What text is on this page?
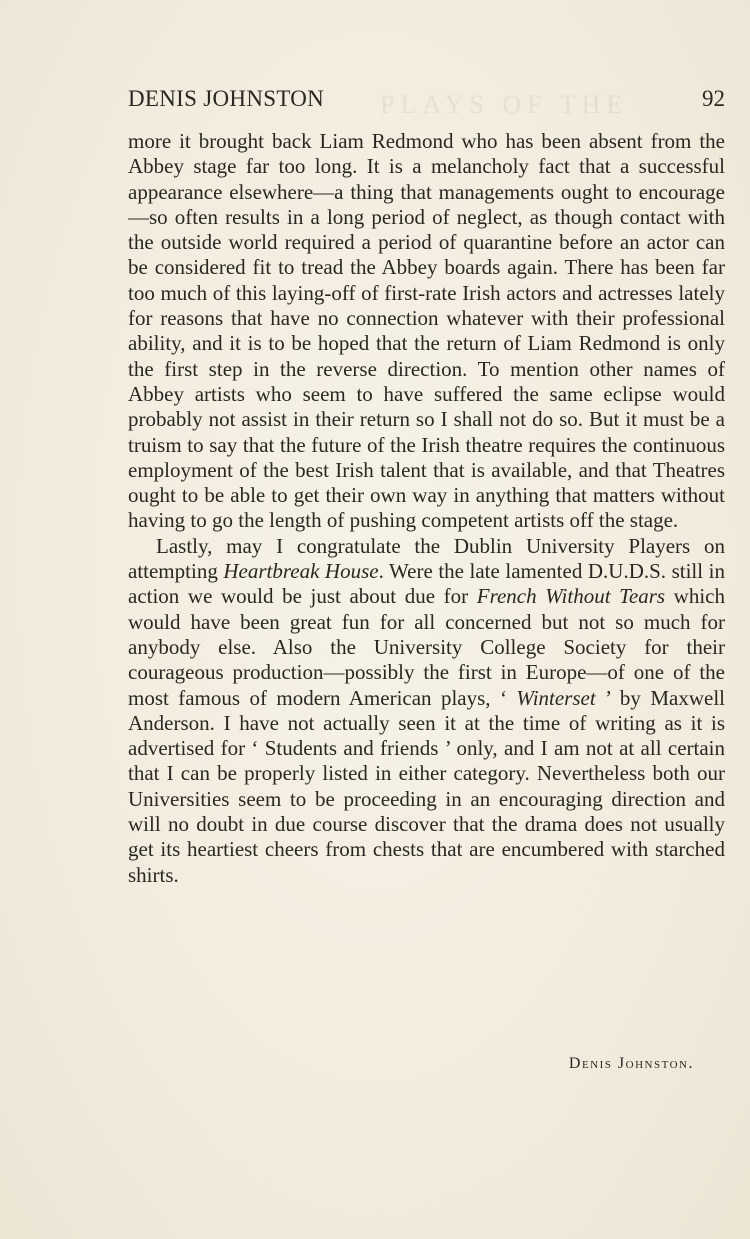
PLAYS OF THE
DENIS JOHNSTON	92

more it brought back Liam Redmond who has been absent from the Abbey stage far too long. It is a melancholy fact that a successful appearance elsewhere—a thing that managements ought to encourage—so often results in a long period of neglect, as though contact with the outside world required a period of quarantine before an actor can be considered fit to tread the Abbey boards again. There has been far too much of this laying-off of first-rate Irish actors and actresses lately for reasons that have no connection whatever with their professional ability, and it is to be hoped that the return of Liam Redmond is only the first step in the reverse direction. To mention other names of Abbey artists who seem to have suffered the same eclipse would probably not assist in their return so I shall not do so. But it must be a truism to say that the future of the Irish theatre requires the continuous employment of the best Irish talent that is available, and that Theatres ought to be able to get their own way in anything that matters without having to go the length of pushing competent artists off the stage.

Lastly, may I congratulate the Dublin University Players on attempting Heartbreak House. Were the late lamented D.U.D.S. still in action we would be just about due for French Without Tears which would have been great fun for all concerned but not so much for anybody else. Also the University College Society for their courageous production—possibly the first in Europe—of one of the most famous of modern American plays, ‘ Winterset ’ by Maxwell Anderson. I have not actually seen it at the time of writing as it is advertised for ‘ Students and friends ’ only, and I am not at all certain that I can be properly listed in either category. Nevertheless both our Universities seem to be proceeding in an encouraging direction and will no doubt in due course discover that the drama does not usually get its heartiest cheers from chests that are encumbered with starched shirts.

Denis Johnston.
